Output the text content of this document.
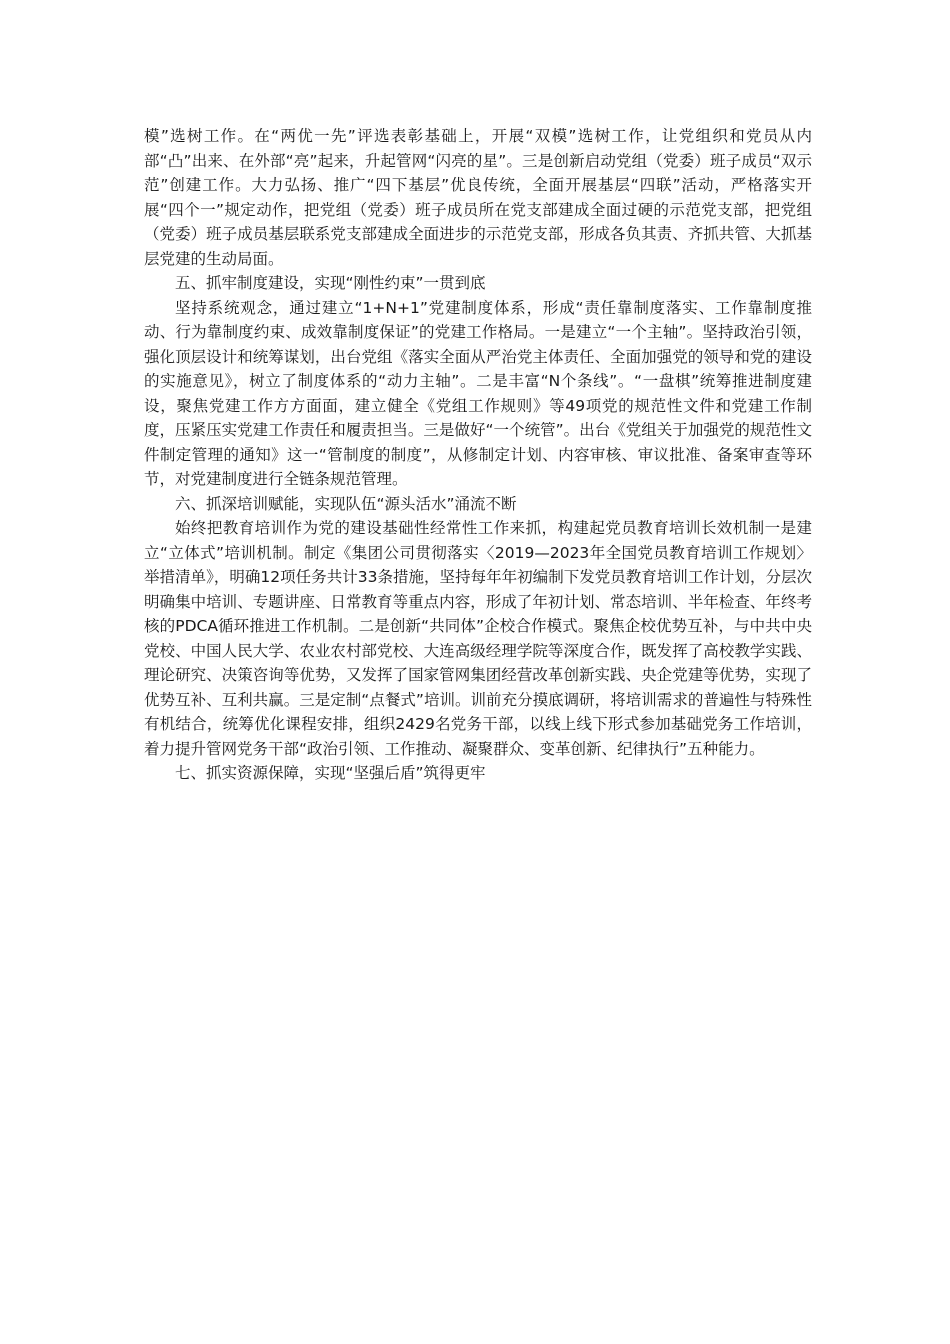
模”选树工作。在“两优一先”评选表彰基础上，开展“双模”选树工作，让党组织和党员从内部“凸”出来、在外部“亮”起来，升起管网“闪亮的星”。三是创新启动党组（党委）班子成员“双示范”创建工作。大力弘扬、推广“四下基层”优良传统，全面开展基层“四联”活动，严格落实开展“四个一”规定动作，把党组（党委）班子成员所在党支部建成全面过硬的示范党支部，把党组（党委）班子成员基层联系党支部建成全面进步的示范党支部，形成各负其责、齐抓共管、大抓基层党建的生动局面。

五、抓牢制度建设，实现“刚性约束”一贯到底

坚持系统观念，通过建立“1+N+1”党建制度体系，形成“责任靠制度落实、工作靠制度推动、行为靠制度约束、成效靠制度保证”的党建工作格局。一是建立“一个主轴”。坚持政治引领，强化顶层设计和统筹谋划，出台党组《落实全面从严治党主体责任、全面加强党的领导和党的建设的实施意见》，树立了制度体系的“动力主轴”。二是丰富“N个条线”。“一盘棋”统筹推进制度建设，聚焦党建工作方方面面，建立健全《党组工作规则》等49项党的规范性文件和党建工作制度，压紧压实党建工作责任和履责担当。三是做好“一个统管”。出台《党组关于加强党的规范性文件制定管理的通知》这一“管制度的制度”，从修制定计划、内容审核、审议批准、备案审查等环节，对党建制度进行全链条规范管理。

六、抓深培训赋能，实现队伍“源头活水”涌流不断

始终把教育培训作为党的建设基础性经常性工作来抓，构建起党员教育培训长效机制一是建立“立体式”培训机制。制定《集团公司贯彻落实〈2019—2023年全国党员教育培训工作规划〉举措清单》，明确12项任务共计33条措施，坚持每年年初编制下发党员教育培训工作计划，分层次明确集中培训、专题讲座、日常教育等重点内容，形成了年初计划、常态培训、半年检查、年终考核的PDCA循环推进工作机制。二是创新“共同体”企校合作模式。聚焦企校优势互补，与中共中央党校、中国人民大学、农业农村部党校、大连高级经理学院等深度合作，既发挥了高校教学实践、理论研究、决策咨询等优势，又发挥了国家管网集团经营改革创新实践、央企党建等优势，实现了优势互补、互利共赢。三是定制“点餐式”培训。训前充分摸底调研，将培训需求的普遍性与特殊性有机结合，统筹优化课程安排，组织2429名党务干部，以线上线下形式参加基础党务工作培训，着力提升管网党务干部“政治引领、工作推动、凝聚群众、变革创新、纪律执行”五种能力。

七、抓实资源保障，实现“坚强后盾”筑得更牢
